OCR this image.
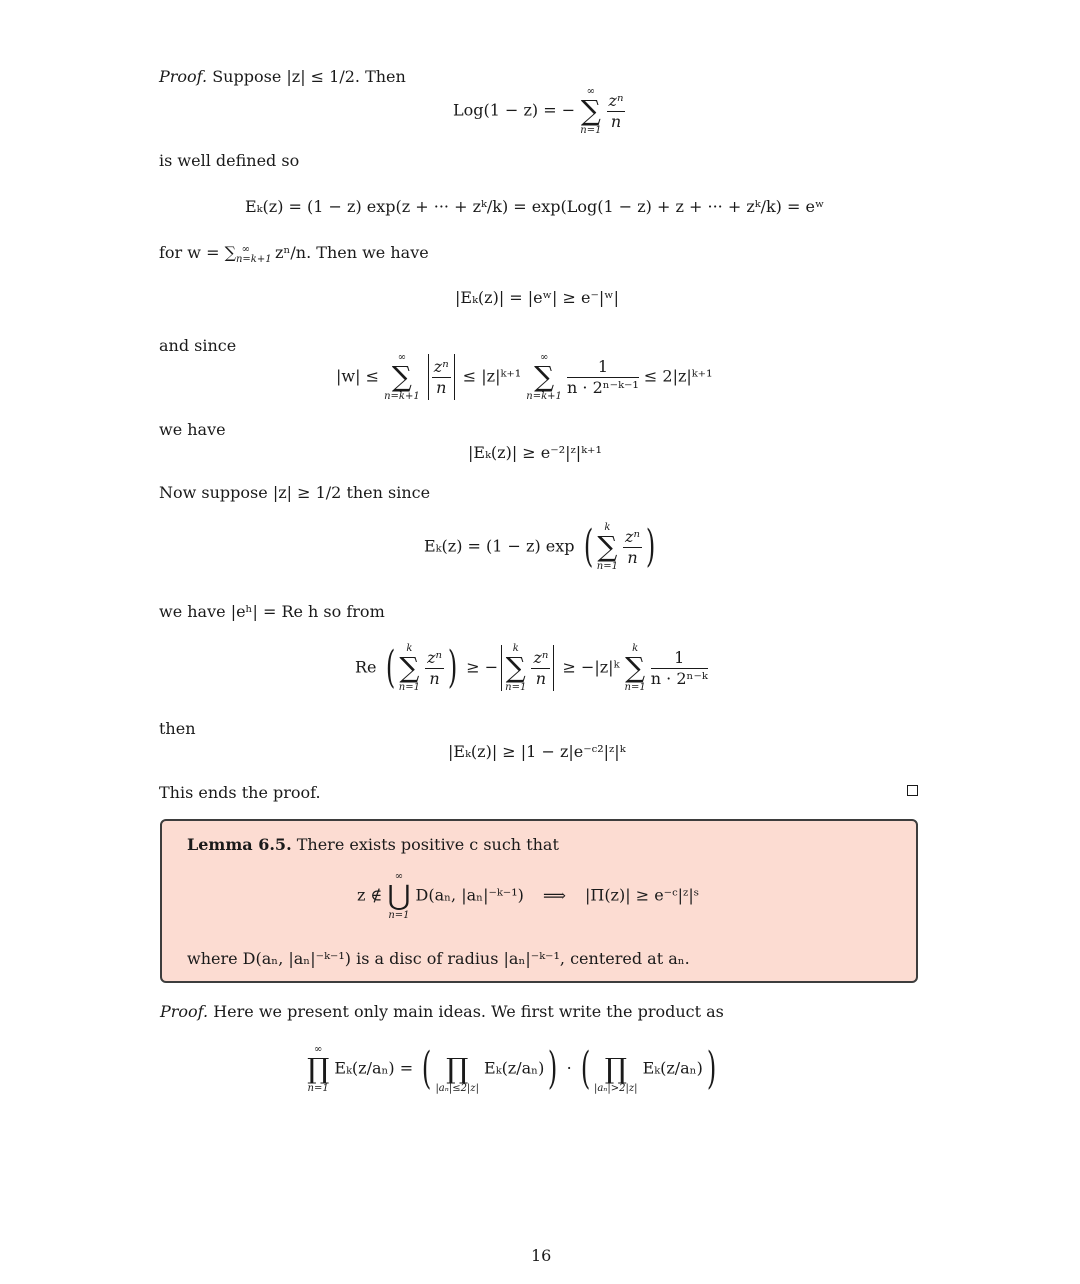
Proof. Suppose |z| ≤ 1/2. Then
Log(1 − z) = −
∞
∑
n=1
$\frac{\text{zⁿ}}{n}$
is well defined so
Eₖ(z) = (1 − z) exp(z + ··· + zᵏ/k) = exp(Log(1 − z) + z + ··· + zᵏ/k) = eʷ
for $w = \sum_{n=k+1}^\infty$ zⁿ/n. Then we have
|Eₖ(z)| = |eʷ| ≥ e⁻|ʷ|
and since
|w| ≤
∞
∑
n=k+1
$\frac{\text{zⁿ}}{n}$ ≤ |z|ᵏ⁺¹
∞
∑
n=k+1
$\frac{1}{\text{n · 2ⁿ⁻ᵏ⁻¹}}$ ≤ 2|z|ᵏ⁺¹
we have
|Eₖ(z)| ≥ e⁻²|ᶻ|ᵏ⁺¹
Now suppose |z| ≥ 1/2 then since
Eₖ(z) = (1 − z) exp (	k
∑
n=1
$\frac{\text{zⁿ}}{n}$ )
we have |eʰ| = Re h so from
Re (	k
∑
n=1
$\frac{\text{zⁿ}}{n}$ ) ≥ −
k
∑
n=1
$\frac{\text{zⁿ}}{n}$ ≥ −|z|ᵏ
k
∑
n=1
$\frac{1}{\text{n · 2ⁿ⁻ᵏ}}$
then
|Eₖ(z)| ≥ |1 − z|e⁻ᶜ²|ᶻ|ᵏ
This ends the proof.
Lemma 6.5. There exists positive c such that
z ∉
∞
⋃
n=1
D(aₙ, |aₙ|⁻ᵏ⁻¹) ⟹ |Π(z)| ≥ e⁻ᶜ|ᶻ|ˢ
where D(aₙ, |aₙ|⁻ᵏ⁻¹) is a disc of radius |aₙ|⁻ᵏ⁻¹, centered at aₙ.
Proof. Here we present only main ideas. We first write the product as
∞
∏
n=1
Eₖ(z/aₙ) = (
∏
|aₙ|≤2|z|
Eₖ(z/aₙ)) · (
∏
|aₙ|>2|z|
Eₖ(z/aₙ))
16
